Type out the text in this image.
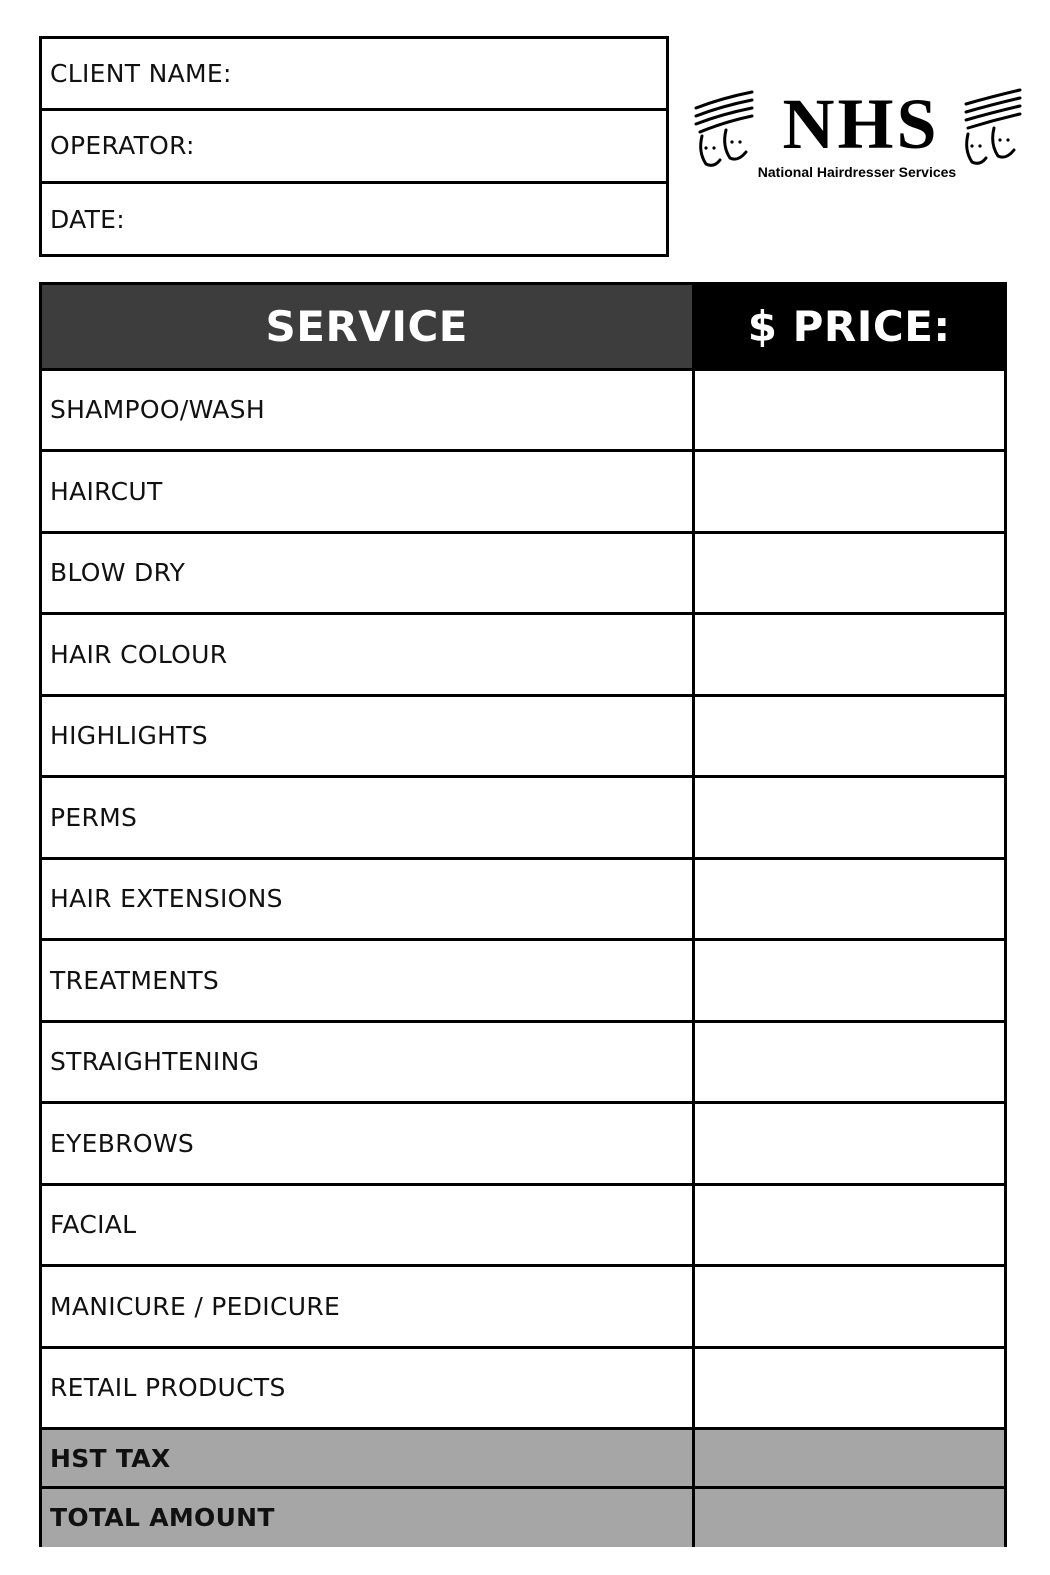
CLIENT NAME:
OPERATOR:
DATE:
NHS
National Hairdresser Services
SERVICE	$ PRICE:
SHAMPOO/WASH	
HAIRCUT	
BLOW DRY	
HAIR COLOUR	
HIGHLIGHTS	
PERMS	
HAIR EXTENSIONS	
TREATMENTS	
STRAIGHTENING	
EYEBROWS	
FACIAL	
MANICURE / PEDICURE	
RETAIL PRODUCTS	
HST TAX	
TOTAL AMOUNT	
